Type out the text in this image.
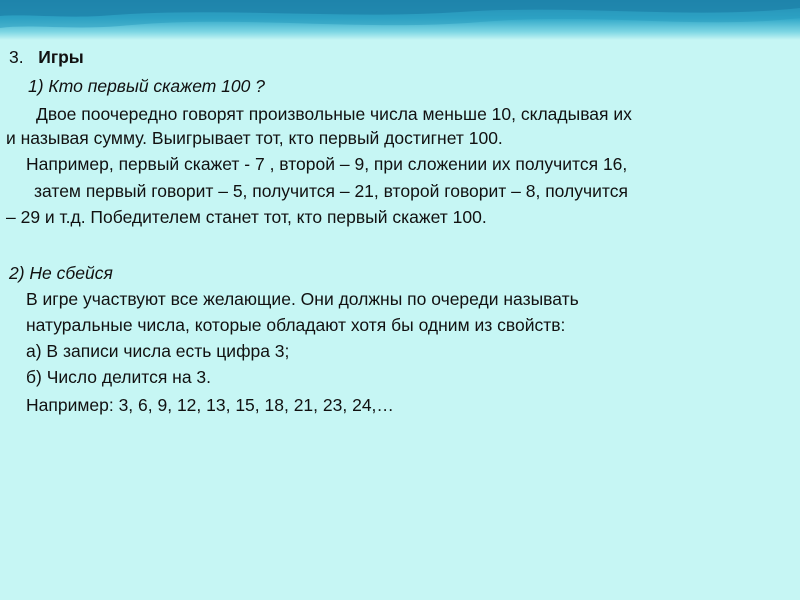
3. Игры
1) Кто первый скажет 100 ?
Двое поочередно говорят произвольные числа меньше 10, складывая их
и называя сумму. Выигрывает тот, кто первый достигнет 100.
Например, первый скажет - 7 , второй – 9, при сложении их получится 16,
затем первый говорит – 5, получится – 21, второй говорит – 8, получится
– 29 и т.д. Победителем станет тот, кто первый скажет 100.
2) Не сбейся
В игре участвуют все желающие. Они должны по очереди называть
натуральные числа, которые обладают хотя бы одним из свойств:
а) В записи числа есть цифра 3;
б) Число делится на 3.
Например: 3, 6, 9, 12, 13, 15, 18, 21, 23, 24,…
